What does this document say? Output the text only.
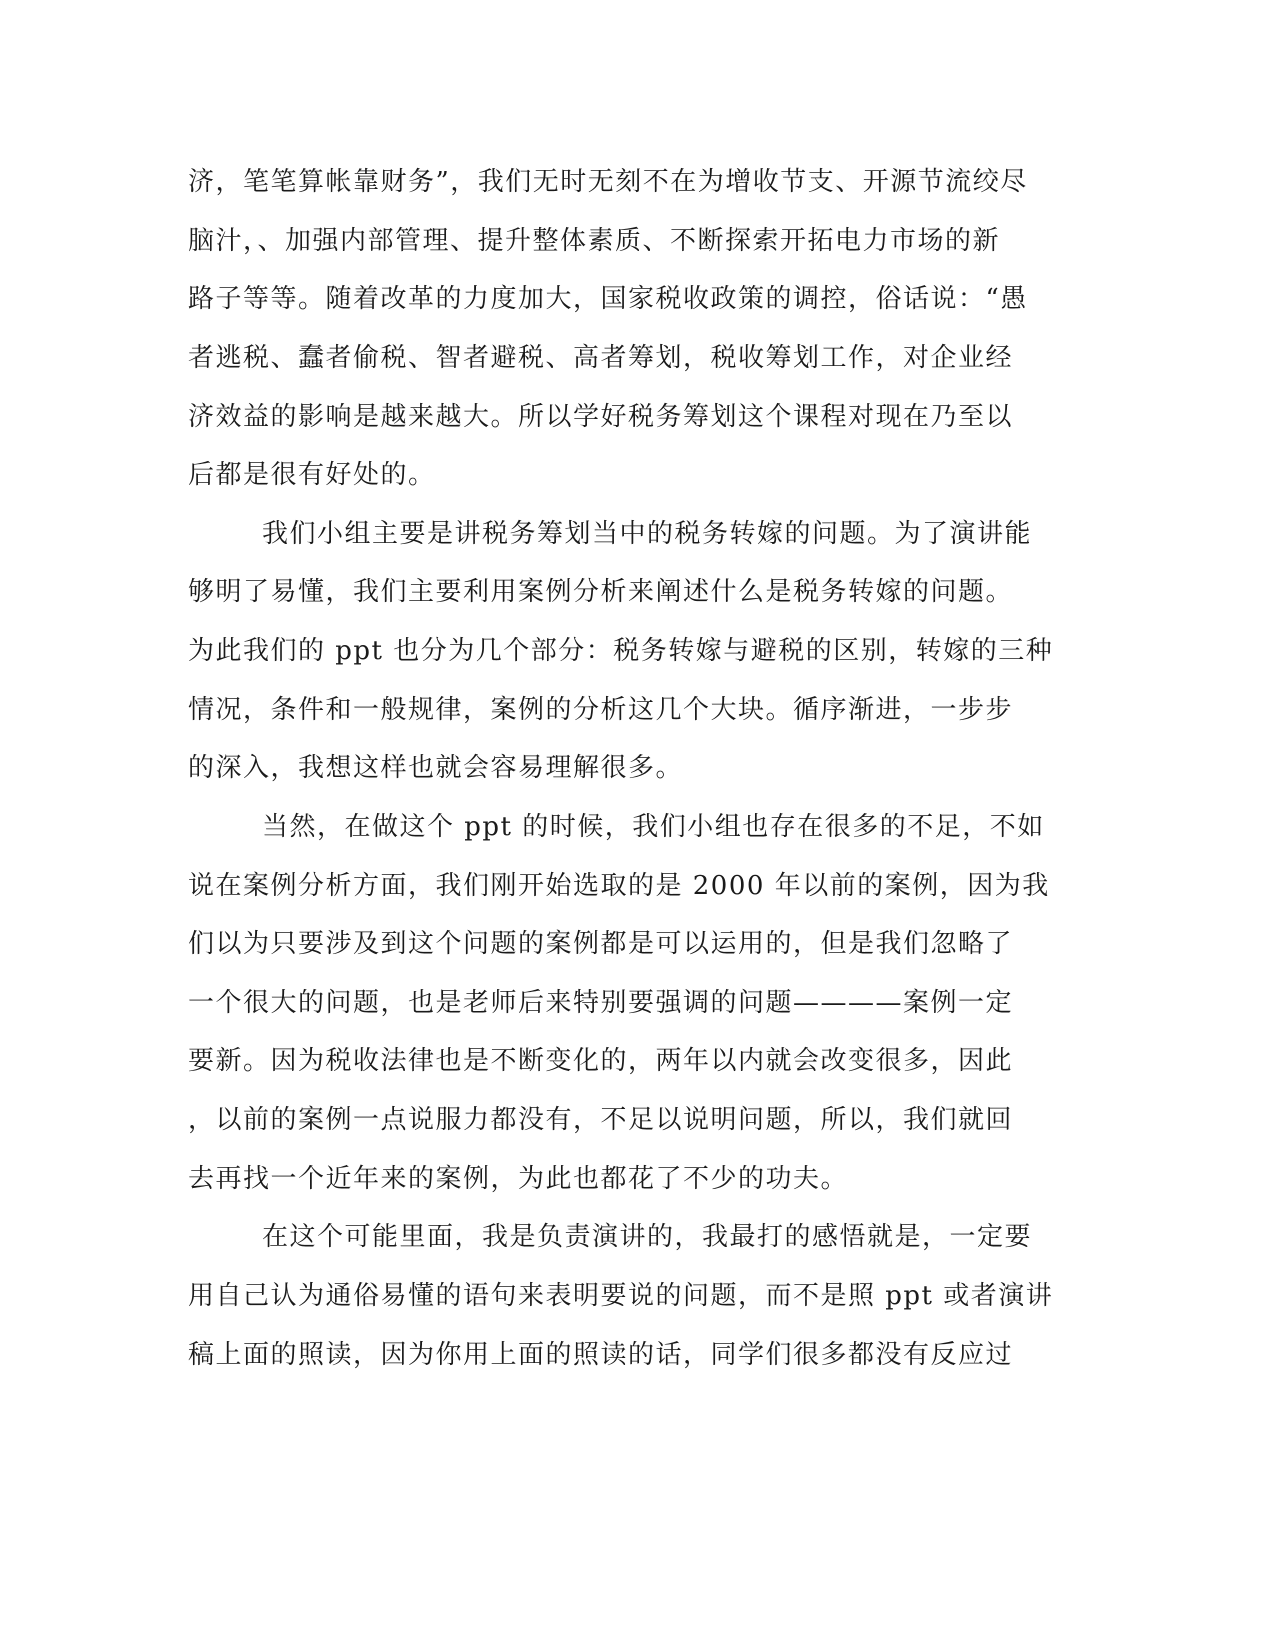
济，笔笔算帐靠财务”，我们无时无刻不在为增收节支、开源节流绞尽
脑汁，、加强内部管理、提升整体素质、不断探索开拓电力市场的新
路子等等。随着改革的力度加大，国家税收政策的调控，俗话说：“愚
者逃税、蠢者偷税、智者避税、高者筹划，税收筹划工作，对企业经
济效益的影响是越来越大。所以学好税务筹划这个课程对现在乃至以
后都是很有好处的。
我们小组主要是讲税务筹划当中的税务转嫁的问题。为了演讲能
够明了易懂，我们主要利用案例分析来阐述什么是税务转嫁的问题。
为此我们的 ppt 也分为几个部分：税务转嫁与避税的区别，转嫁的三种
情况，条件和一般规律，案例的分析这几个大块。循序渐进，一步步
的深入，我想这样也就会容易理解很多。
当然，在做这个 ppt 的时候，我们小组也存在很多的不足，不如
说在案例分析方面，我们刚开始选取的是 2000 年以前的案例，因为我
们以为只要涉及到这个问题的案例都是可以运用的，但是我们忽略了
一个很大的问题，也是老师后来特别要强调的问题————案例一定
要新。因为税收法律也是不断变化的，两年以内就会改变很多，因此
，以前的案例一点说服力都没有，不足以说明问题，所以，我们就回
去再找一个近年来的案例，为此也都花了不少的功夫。
在这个可能里面，我是负责演讲的，我最打的感悟就是，一定要
用自己认为通俗易懂的语句来表明要说的问题，而不是照 ppt 或者演讲
稿上面的照读，因为你用上面的照读的话，同学们很多都没有反应过
